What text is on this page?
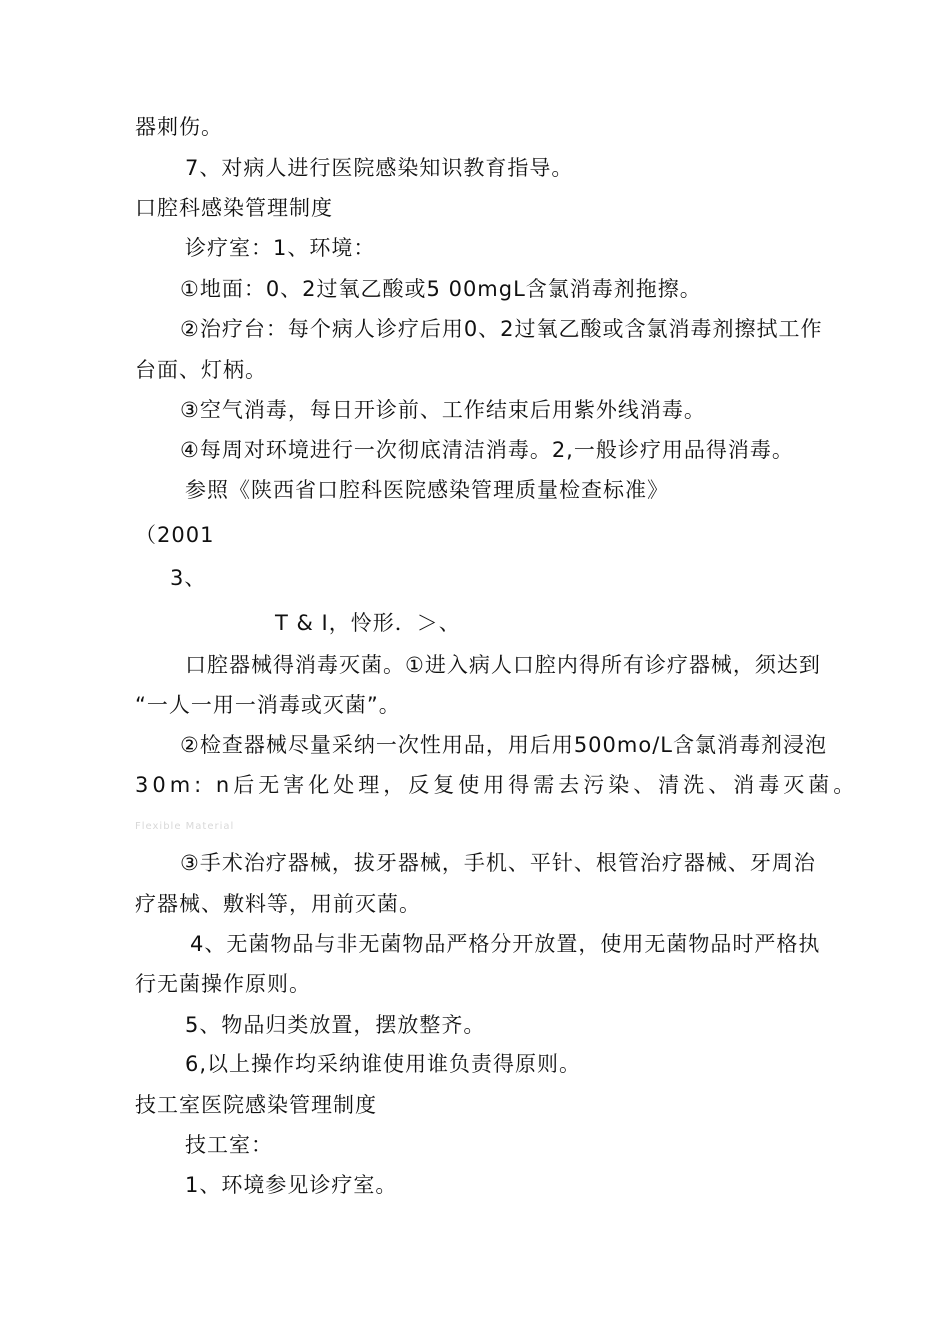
器刺伤。
7、对病人进行医院感染知识教育指导。
口腔科感染管理制度
诊疗室：1、环境：
①地面：0、2过氧乙酸或5 00mgL含氯消毒剂拖擦。
②治疗台：每个病人诊疗后用0、2过氧乙酸或含氯消毒剂擦拭工作
台面、灯柄。
③空气消毒，每日开诊前、工作结束后用紫外线消毒。
④每周对环境进行一次彻底清洁消毒。2,一般诊疗用品得消毒。
参照《陕西省口腔科医院感染管理质量检查标准》
（2001
3、
T & I，怜形．＞、
口腔器械得消毒灭菌。①进入病人口腔内得所有诊疗器械，须达到
“一人一用一消毒或灭菌”。
②检查器械尽量采纳一次性用品，用后用500mo/L含氯消毒剂浸泡
30m: n后无害化处理，反复使用得需去污染、清洗、消毒灭菌。
Flexible Material
③手术治疗器械，拔牙器械，手机、平针、根管治疗器械、牙周治
疗器械、敷料等，用前灭菌。
4、无菌物品与非无菌物品严格分开放置，使用无菌物品时严格执
行无菌操作原则。
5、物品归类放置，摆放整齐。
6,以上操作均采纳谁使用谁负责得原则。
技工室医院感染管理制度
技工室：
1、环境参见诊疗室。
